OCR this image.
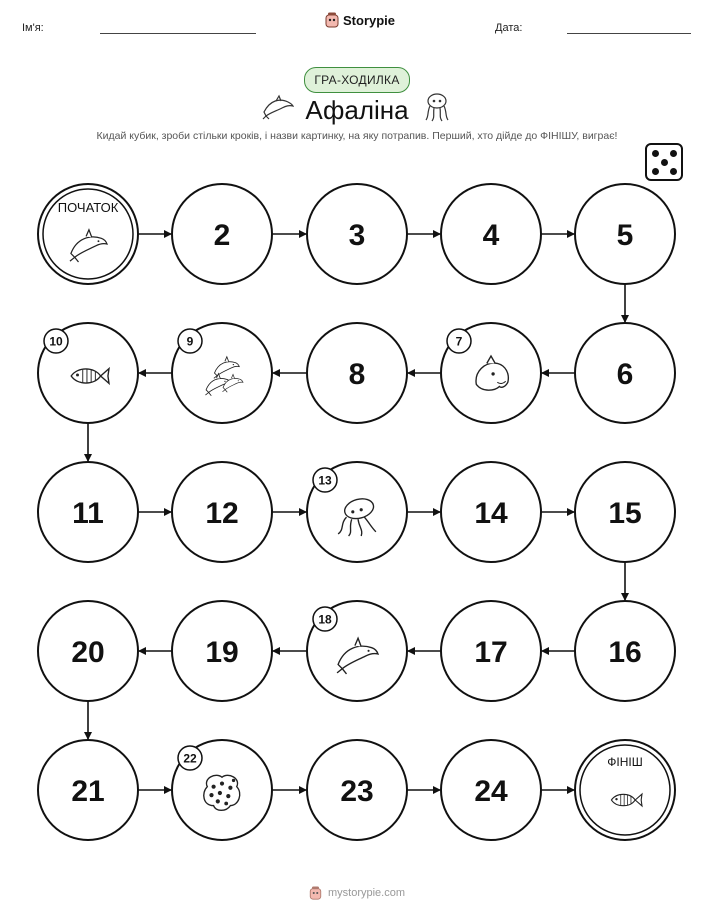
Ім'я:
Storypie
Дата:
ГРА-ХОДИЛКА
Афаліна
Кидай кубик, зроби стільки кроків, і назви картинку, на яку потрапив. Перший, хто дійде до ФІНІШУ, виграє!
ПОЧАТОК
2	3	4	5
6
7
8
9
10
11	12
13
14	15
16
17
18
19
20
21
22
23	24
ФІНІШ
mystorypie.com
